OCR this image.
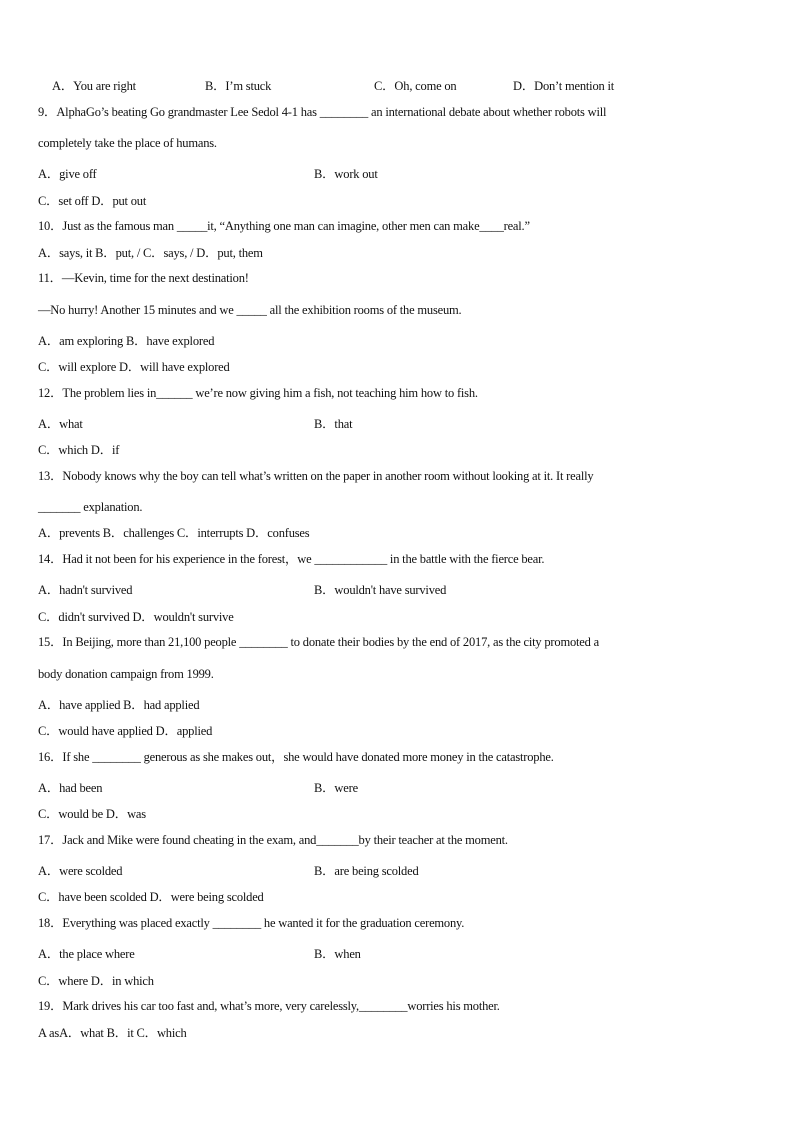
A．You are right	B．I’m stuck	C．Oh, come on	D．Don’t mention it
9．AlphaGo’s beating Go grandmaster Lee Sedol 4-1 has ________ an international debate about whether robots will
completely take the place of humans.
A．give off	B．work out
C．set off D．put out
10．Just as the famous man _____it, “Anything one man can imagine, other men can make____real.”
A．says, it B．put, / C．says, / D．put, them
11．—Kevin, time for the next destination!
—No hurry! Another 15 minutes and we _____ all the exhibition rooms of the museum.
A．am exploring B．have explored
C．will explore D．will have explored
12．The problem lies in______ we’re now giving him a fish, not teaching him how to fish.
A．what	B．that
C．which D．if
13．Nobody knows why the boy can tell what’s written on the paper in another room without looking at it. It really
_______ explanation.
A．prevents B．challenges C．interrupts D．confuses
14．Had it not been for his experience in the forest，we ____________ in the battle with the fierce bear.
A．hadn't survived	B．wouldn't have survived
C．didn't survived D．wouldn't survive
15．In Beijing, more than 21,100 people ________ to donate their bodies by the end of 2017, as the city promoted a
body donation campaign from 1999.
A．have applied B．had applied
C．would have applied D．applied
16．If she ________ generous as she makes out，she would have donated more money in the catastrophe.
A．had been	B．were
C．would be D．was
17．Jack and Mike were found cheating in the exam, and_______by their teacher at the moment.
A．were scolded	B．are being scolded
C．have been scolded D．were being scolded
18．Everything was placed exactly ________ he wanted it for the graduation ceremony.
A．the place where	B．when
C．where D．in which
19．Mark drives his car too fast and, what’s more, very carelessly,________worries his mother.
A asA．what B．it C．which
